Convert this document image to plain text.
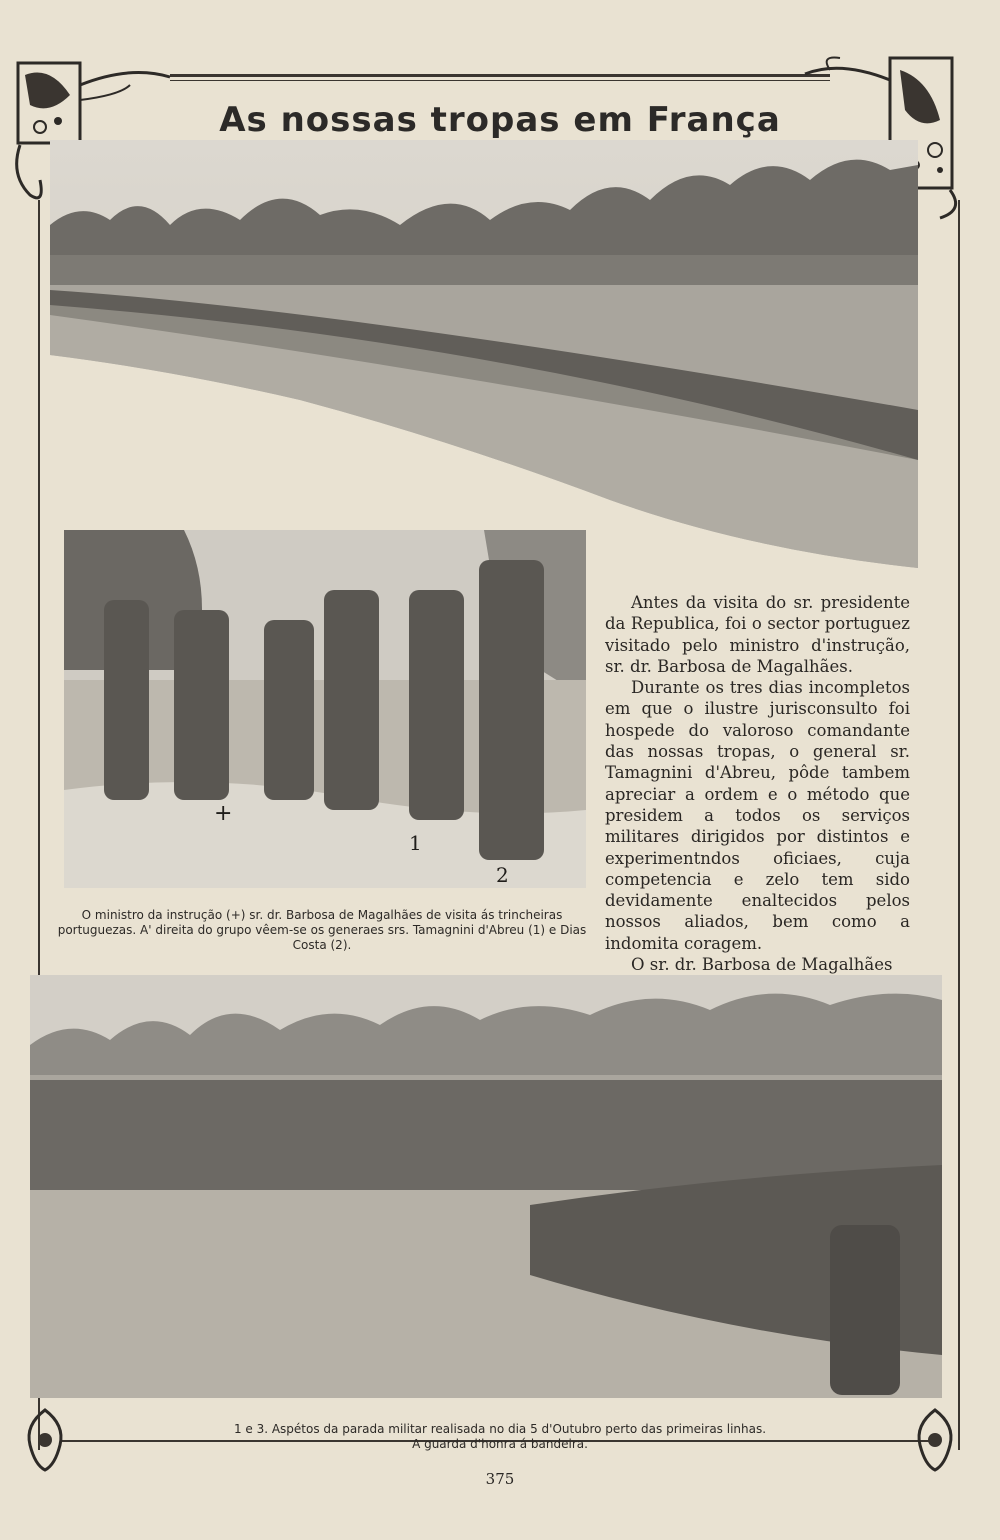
As nossas tropas em França
+
1
2
O ministro da instrução (+) sr. dr. Barbosa de Magalhães de visita ás trincheiras portuguezas. A' direita do grupo vêem-se os generaes srs. Tamagnini d'Abreu (1) e Dias Costa (2).

Antes da visita do sr. presidente da Republica, foi o sector portuguez visitado pelo ministro d'instrução, sr. dr. Barbosa de Magalhães.

Durante os tres dias incompletos em que o ilustre jurisconsulto foi hospede do valoroso comandante das nossas tropas, o general sr. Tamagnini d'Abreu, pôde tambem apreciar a ordem e o método que presidem a todos os serviços militares dirigidos por distintos e experimentndos oficiaes, cuja competencia e zelo tem sido devidamente enaltecidos pelos nossos aliados, bem como a indomita coragem.

O sr. dr. Barbosa de Magalhães

1 e 3. Aspétos da parada militar realisada no dia 5 d'Outubro perto das primeiras linhas.
A guarda d'honra á bandeira.
375
